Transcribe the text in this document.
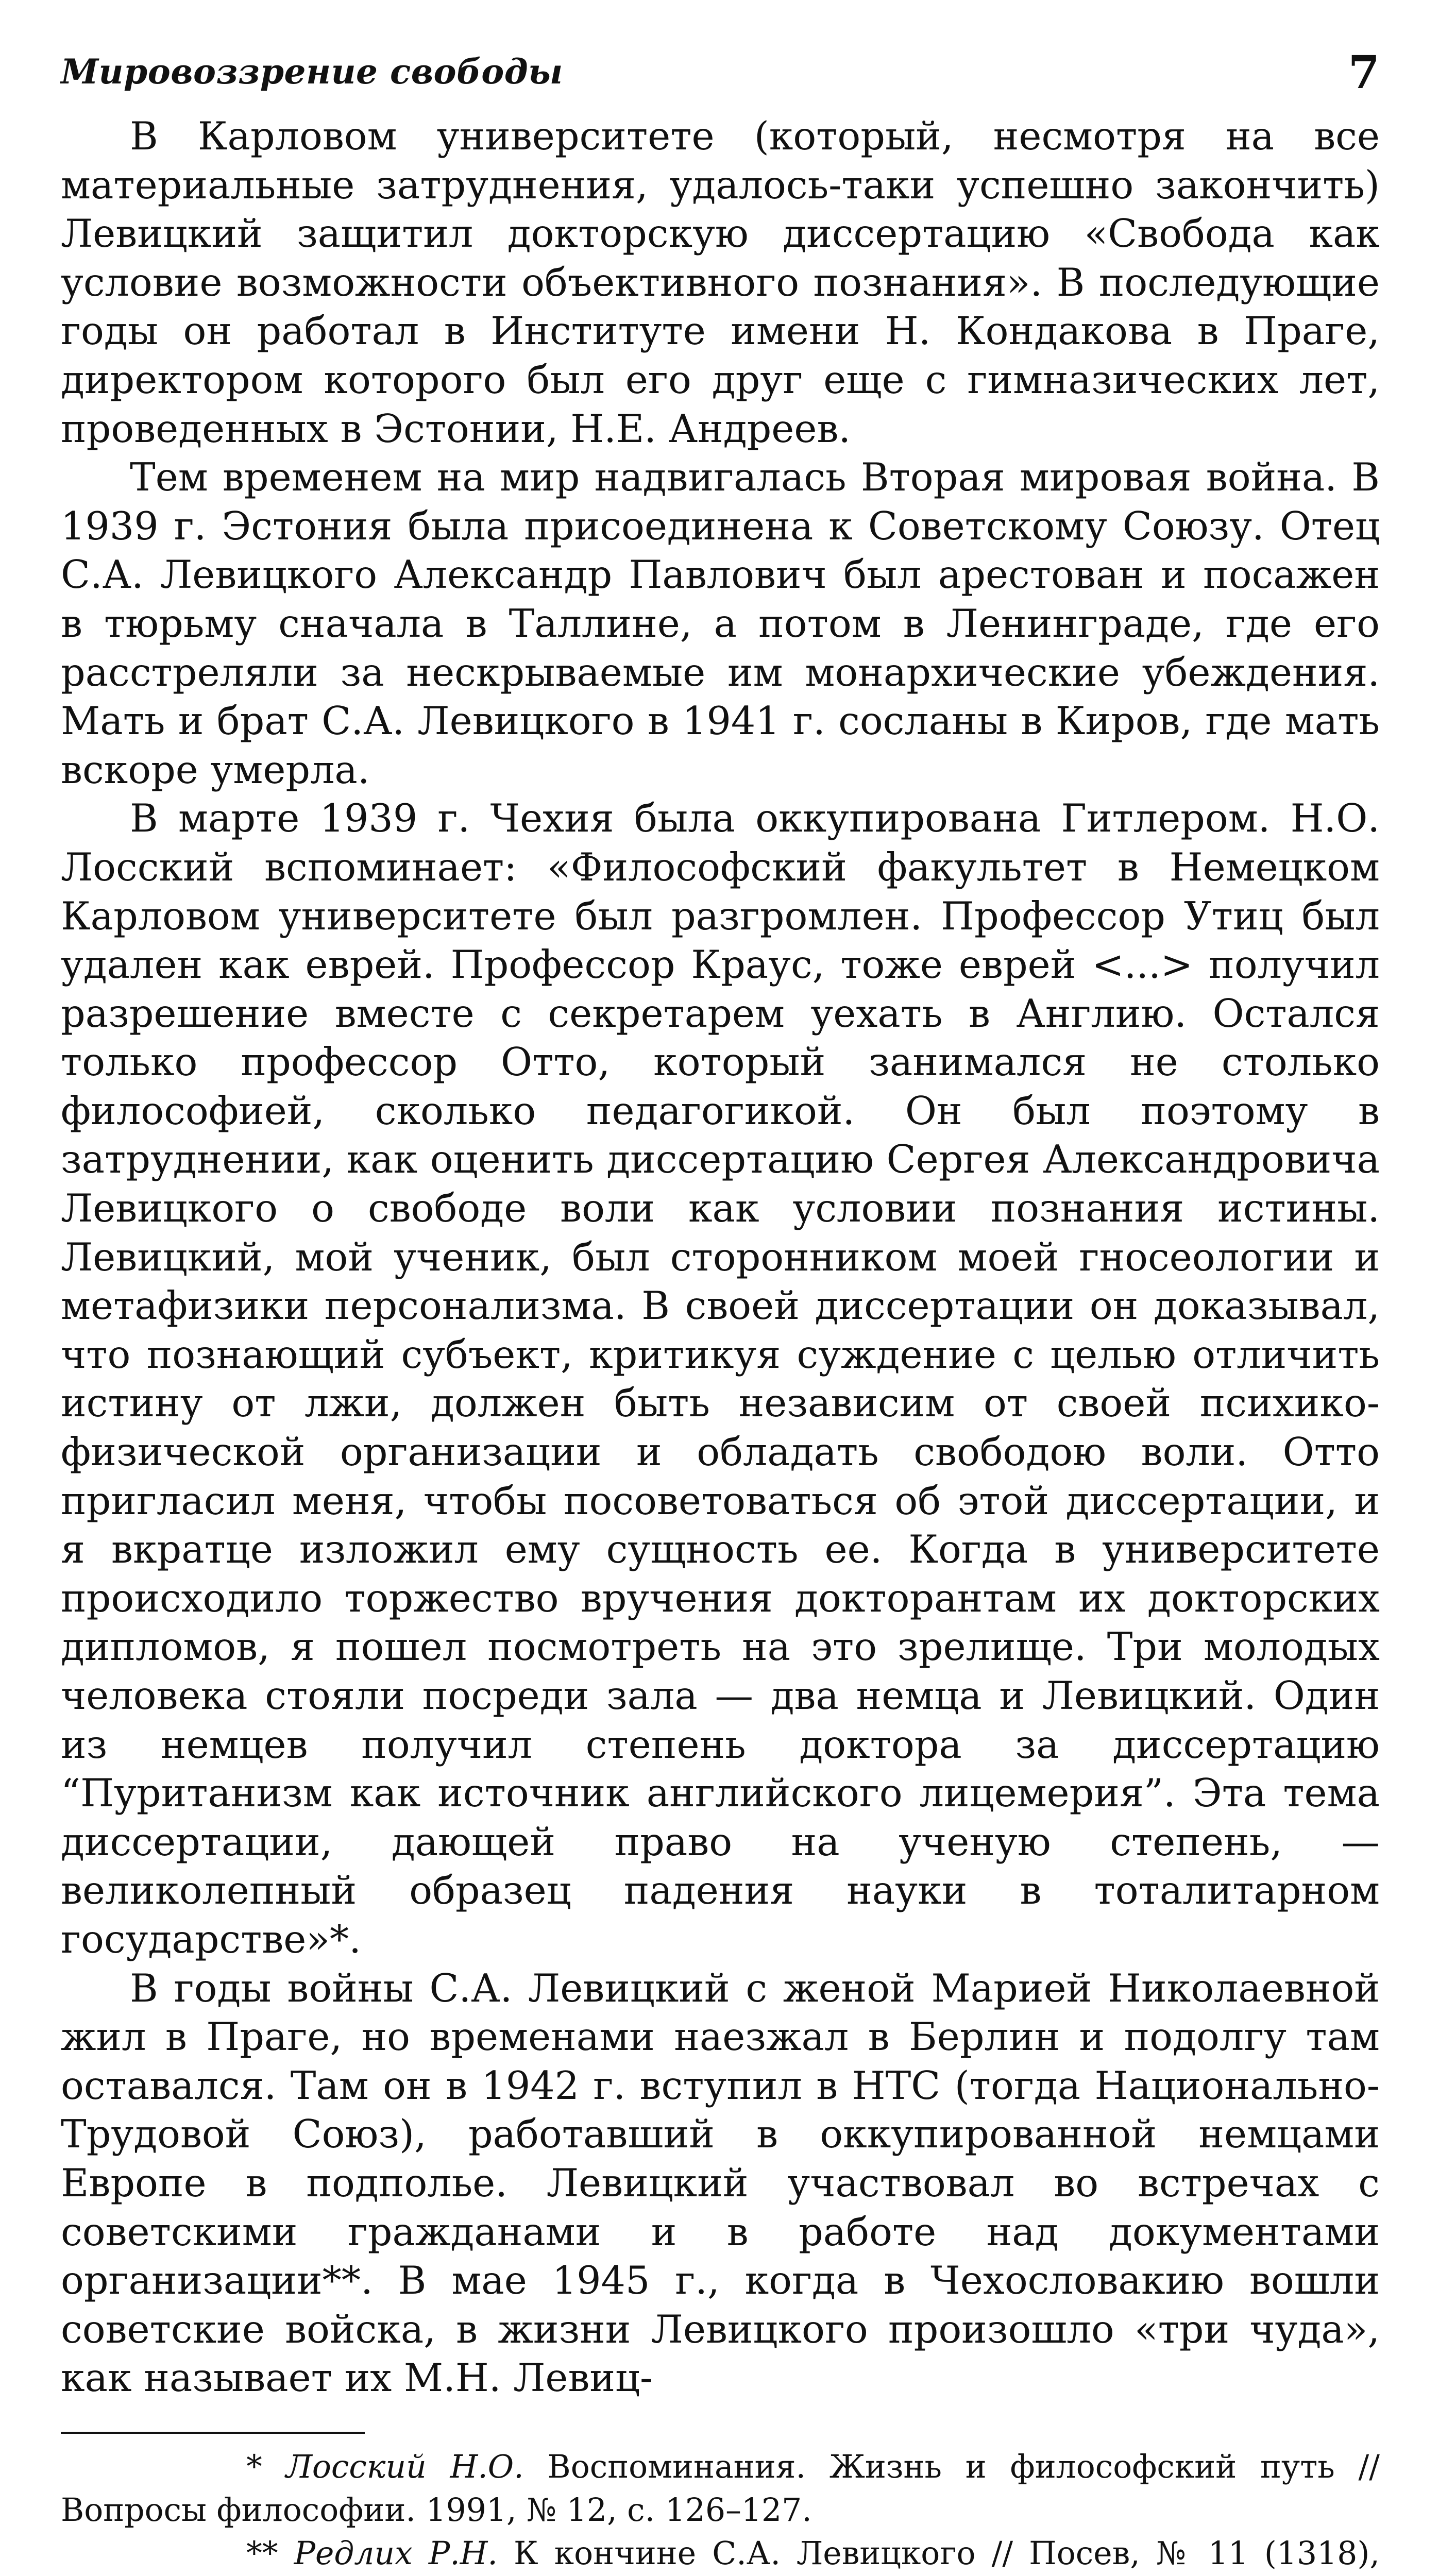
Мировоззрение свободы	7

В Карловом университете (который, несмотря на все материальные затруднения, удалось-таки успешно закончить) Левицкий защитил докторскую диссертацию «Свобода как условие возможности объективного познания». В последующие годы он работал в Институте имени Н. Кондакова в Праге, директором которого был его друг еще с гимназических лет, проведенных в Эстонии, Н.Е. Андреев.

Тем временем на мир надвигалась Вторая мировая война. В 1939 г. Эстония была присоединена к Советскому Союзу. Отец С.А. Левицкого Александр Павлович был арестован и посажен в тюрьму сначала в Таллине, а потом в Ленинграде, где его расстреляли за нескрываемые им монархические убеждения. Мать и брат С.А. Левицкого в 1941 г. сосланы в Киров, где мать вскоре умерла.

В марте 1939 г. Чехия была оккупирована Гитлером. Н.О. Лосский вспоминает: «Философский факультет в Немецком Карловом университете был разгромлен. Профессор Утиц был удален как еврей. Профессор Краус, тоже еврей <...> получил разрешение вместе с секретарем уехать в Англию. Остался только профессор Отто, который занимался не столько философией, сколько педагогикой. Он был поэтому в затруднении, как оценить диссертацию Сергея Александровича Левицкого о свободе воли как условии познания истины. Левицкий, мой ученик, был сторонником моей гносеологии и метафизики персонализма. В своей диссертации он доказывал, что познающий субъект, критикуя суждение с целью отличить истину от лжи, должен быть независим от своей психико-физической организации и обладать свободою воли. Отто пригласил меня, чтобы посоветоваться об этой диссертации, и я вкратце изложил ему сущность ее. Когда в университете происходило торжество вручения докторантам их докторских дипломов, я пошел посмотреть на это зрелище. Три молодых человека стояли посреди зала — два немца и Левицкий. Один из немцев получил степень доктора за диссертацию “Пуританизм как источник английского лицемерия”. Эта тема диссертации, дающей право на ученую степень, — великолепный образец падения науки в тоталитарном государстве»*.

В годы войны С.А. Левицкий с женой Марией Николаевной жил в Праге, но временами наезжал в Берлин и подолгу там оставался. Там он в 1942 г. вступил в НТС (тогда Национально-Трудовой Союз), работавший в оккупированной немцами Европе в подполье. Левицкий участвовал во встречах с советскими гражданами и в работе над документами организации**. В мае 1945 г., когда в Чехословакию вошли советские войска, в жизни Левицкого произошло «три чуда», как называет их М.Н. Левиц-

* Лосский Н.О. Воспоминания. Жизнь и философский путь // Вопросы философии. 1991, № 12, с. 126–127.

** Редлих Р.Н. К кончине С.А. Левицкого // Посев, № 11 (1318),
